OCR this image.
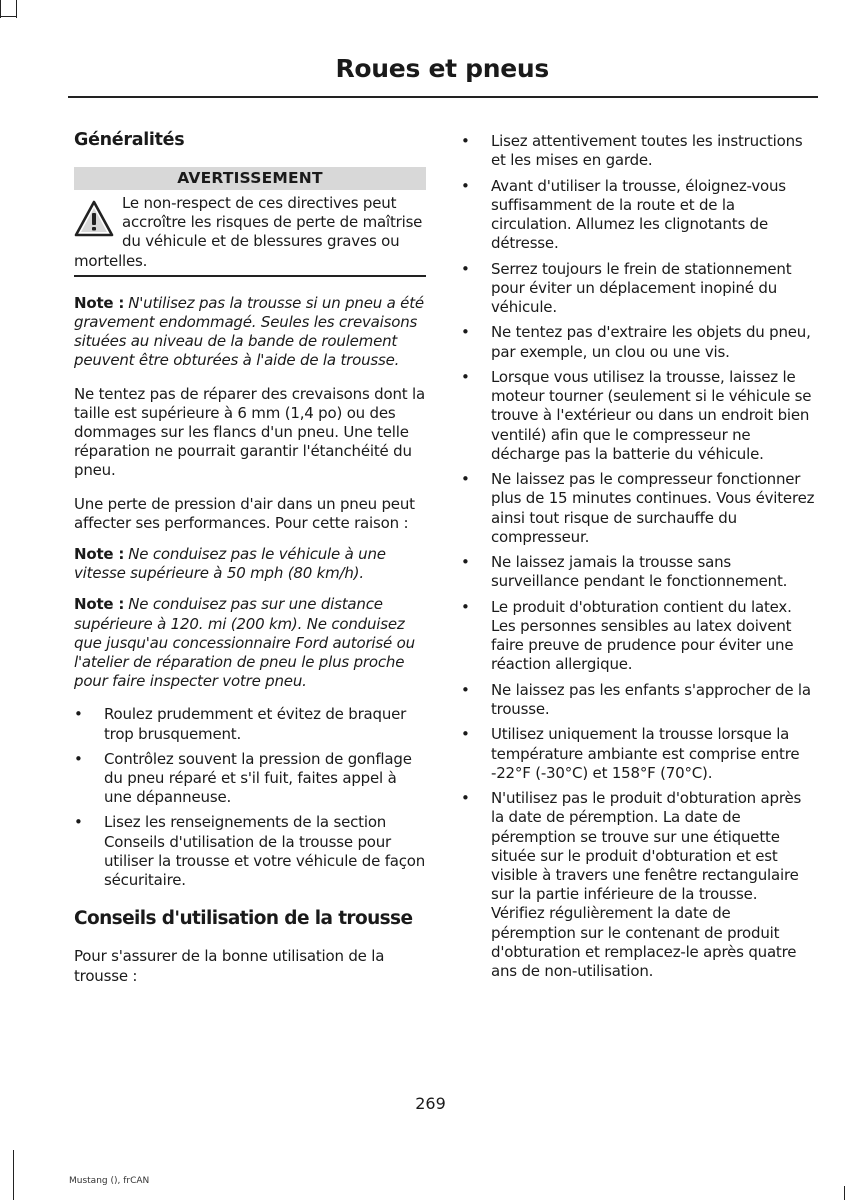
Roues et pneus
Généralités
AVERTISSEMENT
Le non-respect de ces directives peut accroître les risques de perte de maîtrise du véhicule et de blessures graves ou mortelles.

Note : N'utilisez pas la trousse si un pneu a été gravement endommagé. Seules les crevaisons situées au niveau de la bande de roulement peuvent être obturées à l'aide de la trousse.

Ne tentez pas de réparer des crevaisons dont la taille est supérieure à 6 mm (1,4 po) ou des dommages sur les flancs d'un pneu. Une telle réparation ne pourrait garantir l'étanchéité du pneu.

Une perte de pression d'air dans un pneu peut affecter ses performances. Pour cette raison :

Note : Ne conduisez pas le véhicule à une vitesse supérieure à 50 mph (80 km/h).

Note : Ne conduisez pas sur une distance supérieure à 120. mi (200 km). Ne conduisez que jusqu'au concessionnaire Ford autorisé ou l'atelier de réparation de pneu le plus proche pour faire inspecter votre pneu.

• Roulez prudemment et évitez de braquer trop brusquement.
• Contrôlez souvent la pression de gonflage du pneu réparé et s'il fuit, faites appel à une dépanneuse.
• Lisez les renseignements de la section Conseils d'utilisation de la trousse pour utiliser la trousse et votre véhicule de façon sécuritaire.
Conseils d'utilisation de la trousse

Pour s'assurer de la bonne utilisation de la trousse :

• Lisez attentivement toutes les instructions et les mises en garde.
• Avant d'utiliser la trousse, éloignez-vous suffisamment de la route et de la circulation. Allumez les clignotants de détresse.
• Serrez toujours le frein de stationnement pour éviter un déplacement inopiné du véhicule.
• Ne tentez pas d'extraire les objets du pneu, par exemple, un clou ou une vis.
• Lorsque vous utilisez la trousse, laissez le moteur tourner (seulement si le véhicule se trouve à l'extérieur ou dans un endroit bien ventilé) afin que le compresseur ne décharge pas la batterie du véhicule.
• Ne laissez pas le compresseur fonctionner plus de 15 minutes continues. Vous éviterez ainsi tout risque de surchauffe du compresseur.
• Ne laissez jamais la trousse sans surveillance pendant le fonctionnement.
• Le produit d'obturation contient du latex. Les personnes sensibles au latex doivent faire preuve de prudence pour éviter une réaction allergique.
• Ne laissez pas les enfants s'approcher de la trousse.
• Utilisez uniquement la trousse lorsque la température ambiante est comprise entre -22°F (-30°C) et 158°F (70°C).
• N'utilisez pas le produit d'obturation après la date de péremption. La date de péremption se trouve sur une étiquette située sur le produit d'obturation et est visible à travers une fenêtre rectangulaire sur la partie inférieure de la trousse. Vérifiez régulièrement la date de péremption sur le contenant de produit d'obturation et remplacez-le après quatre ans de non-utilisation.
269
Mustang (), frCAN
